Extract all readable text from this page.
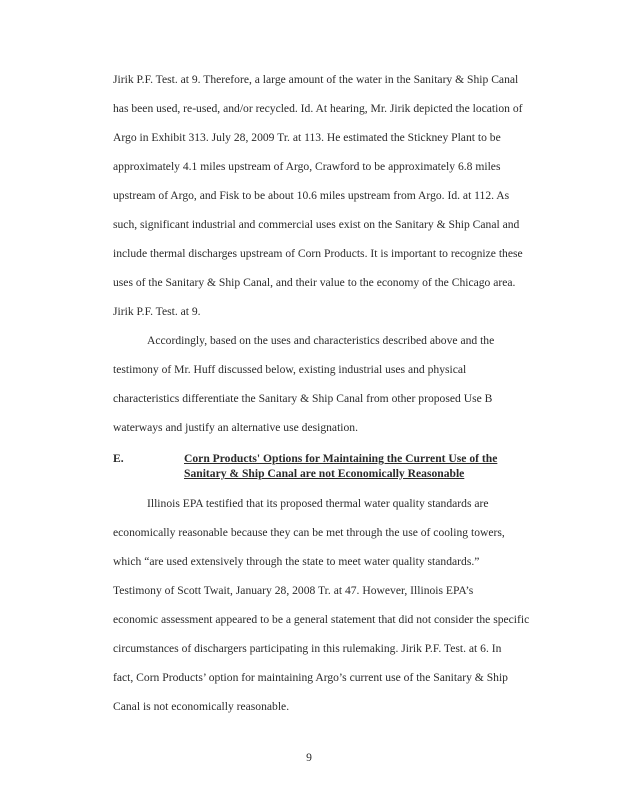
Jirik P.F. Test. at 9. Therefore, a large amount of the water in the Sanitary & Ship Canal
has been used, re-used, and/or recycled. Id. At hearing, Mr. Jirik depicted the location of
Argo in Exhibit 313. July 28, 2009 Tr. at 113. He estimated the Stickney Plant to be
approximately 4.1 miles upstream of Argo, Crawford to be approximately 6.8 miles
upstream of Argo, and Fisk to be about 10.6 miles upstream from Argo. Id. at 112. As
such, significant industrial and commercial uses exist on the Sanitary & Ship Canal and
include thermal discharges upstream of Corn Products. It is important to recognize these
uses of the Sanitary & Ship Canal, and their value to the economy of the Chicago area.
Jirik P.F. Test. at 9.
Accordingly, based on the uses and characteristics described above and the
testimony of Mr. Huff discussed below, existing industrial uses and physical
characteristics differentiate the Sanitary & Ship Canal from other proposed Use B
waterways and justify an alternative use designation.
E.	Corn Products' Options for Maintaining the Current Use of the
Sanitary & Ship Canal are not Economically Reasonable
Illinois EPA testified that its proposed thermal water quality standards are
economically reasonable because they can be met through the use of cooling towers,
which “are used extensively through the state to meet water quality standards.”
Testimony of Scott Twait, January 28, 2008 Tr. at 47. However, Illinois EPA’s
economic assessment appeared to be a general statement that did not consider the specific
circumstances of dischargers participating in this rulemaking. Jirik P.F. Test. at 6. In
fact, Corn Products’ option for maintaining Argo’s current use of the Sanitary & Ship
Canal is not economically reasonable.
9
